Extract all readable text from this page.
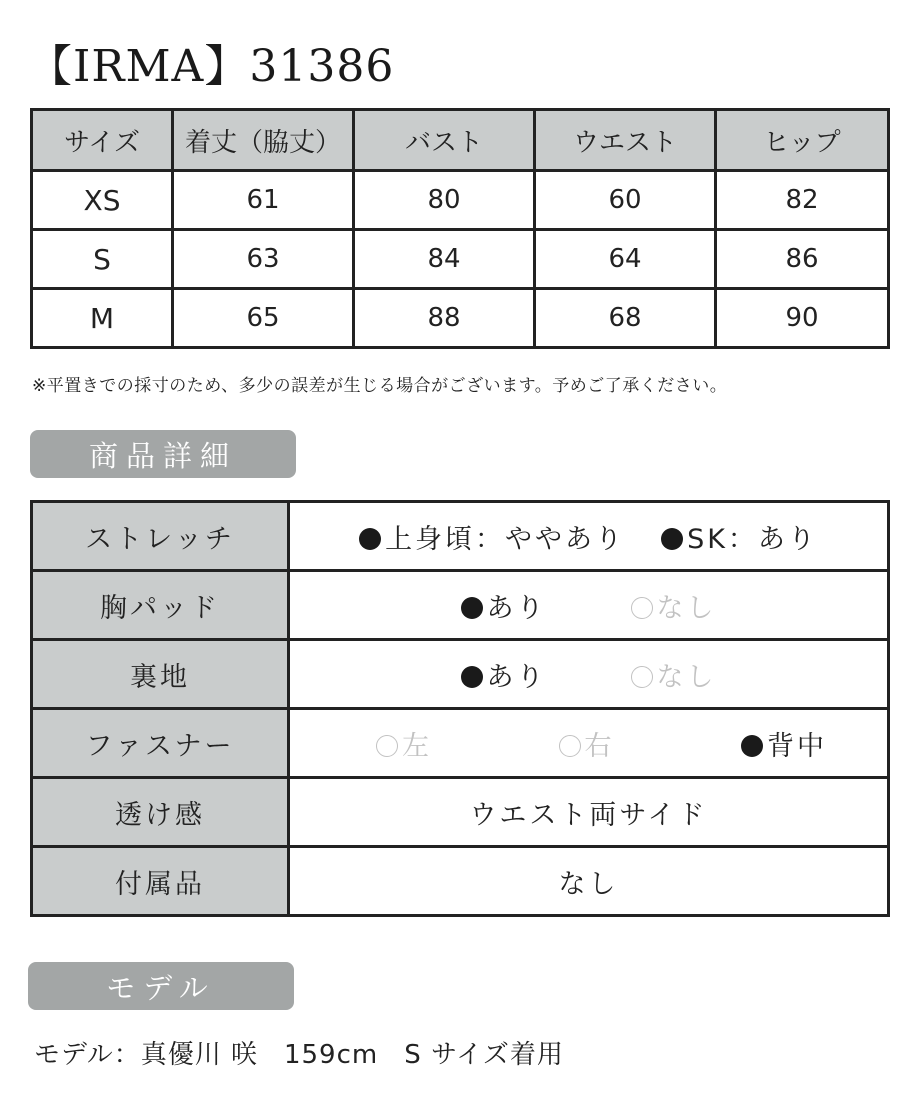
【IRMA】31386
サイズ	着丈（脇丈）	バスト	ウエスト	ヒップ
XS	61	80	60	82
S	63	84	64	86
M	65	88	68	90
※平置きでの採寸のため、多少の誤差が生じる場合がございます。予めご了承ください。
商品詳細
ストレッチ	上身頃：ややあり SK：あり
胸パッド	あり なし
裏地	あり なし
ファスナー	左 右 背中

透け感	ウエスト両サイド
付属品	なし
モデル
モデル：真優川 咲 159cm S サイズ着用
